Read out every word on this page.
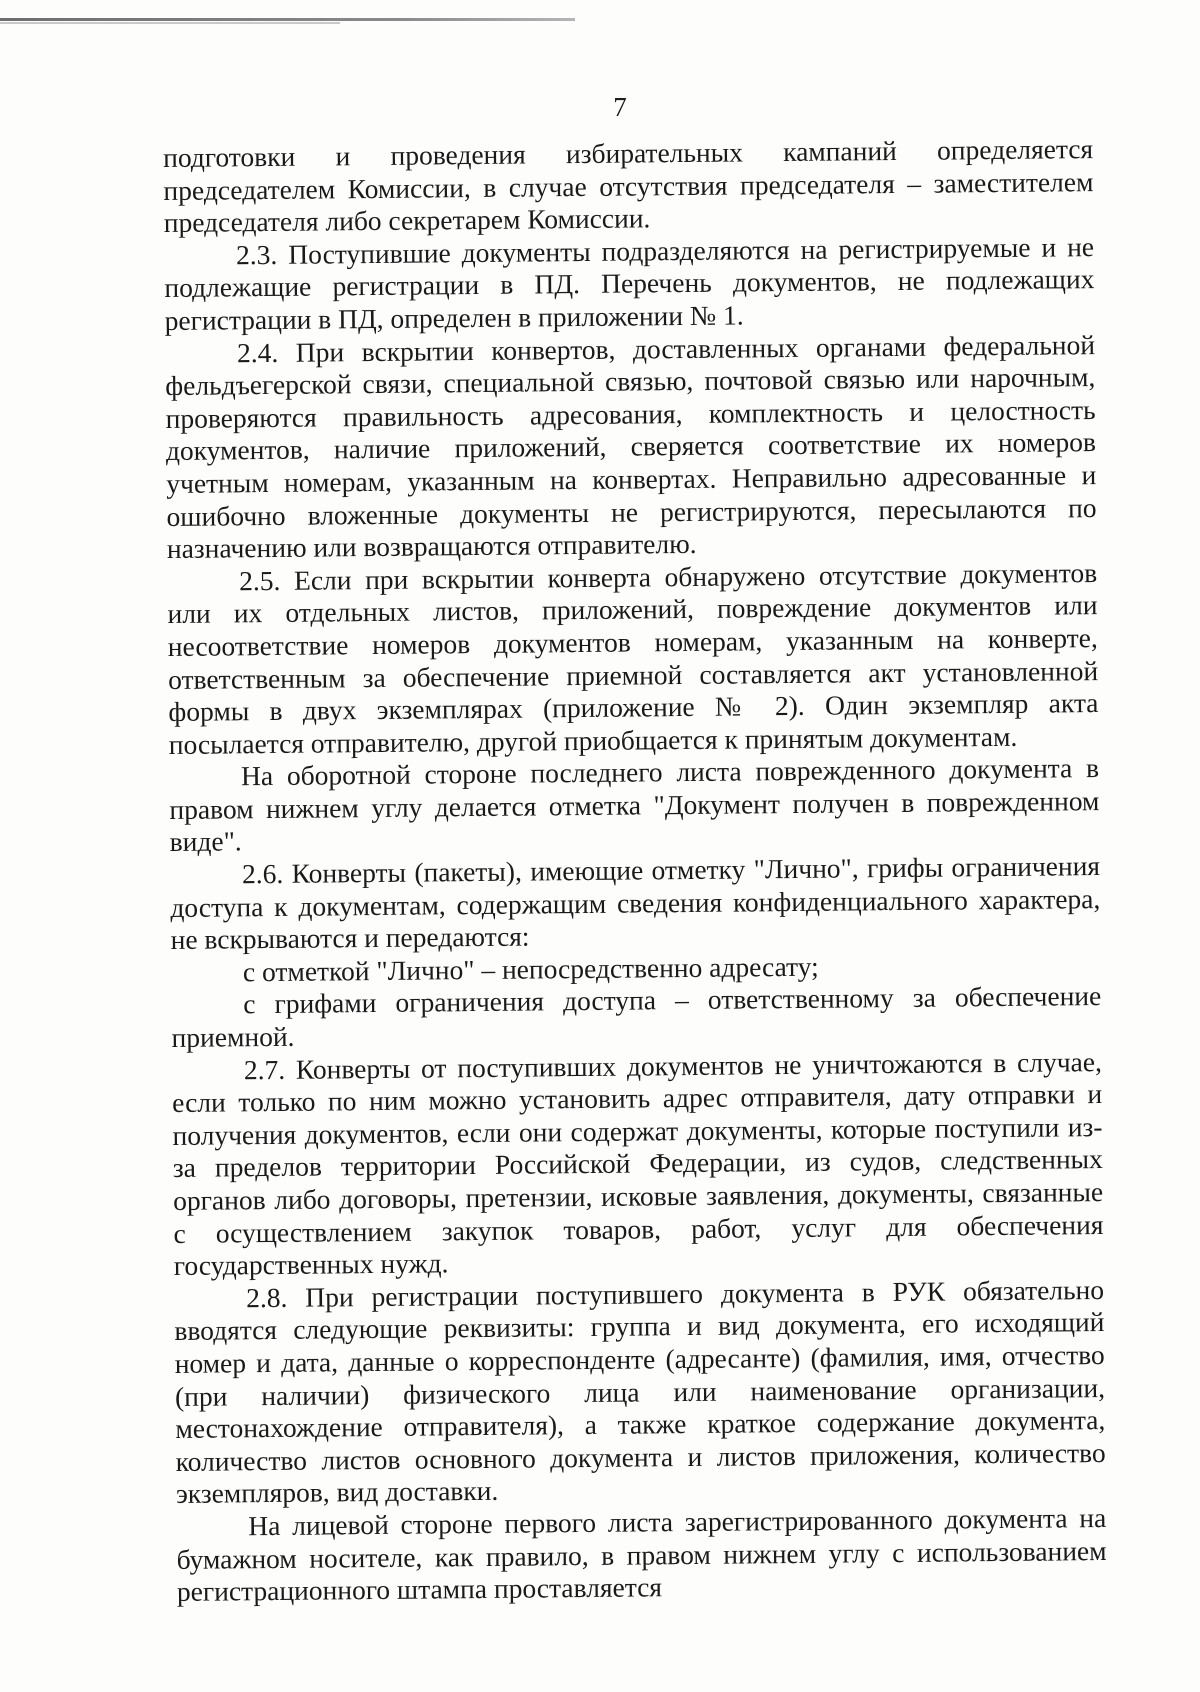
7

подготовки и проведения избирательных кампаний определяется председателем Комиссии, в случае отсутствия председателя – заместителем председателя либо секретарем Комиссии.

2.3. Поступившие документы подразделяются на регистрируемые и не подлежащие регистрации в ПД. Перечень документов, не подлежащих регистрации в ПД, определен в приложении № 1.

2.4. При вскрытии конвертов, доставленных органами федеральной фельдъегерской связи, специальной связью, почтовой связью или нарочным, проверяются правильность адресования, комплектность и целостность документов, наличие приложений, сверяется соответствие их номеров учетным номерам, указанным на конвертах. Неправильно адресованные и ошибочно вложенные документы не регистрируются, пересылаются по назначению или возвращаются отправителю.

2.5. Если при вскрытии конверта обнаружено отсутствие документов или их отдельных листов, приложений, повреждение документов или несоответствие номеров документов номерам, указанным на конверте, ответственным за обеспечение приемной составляется акт установленной формы в двух экземплярах (приложение № 2). Один экземпляр акта посылается отправителю, другой приобщается к принятым документам.

На оборотной стороне последнего листа поврежденного документа в правом нижнем углу делается отметка "Документ получен в поврежденном виде".

2.6. Конверты (пакеты), имеющие отметку "Лично", грифы ограничения доступа к документам, содержащим сведения конфиденциального характера, не вскрываются и передаются:

с отметкой "Лично" – непосредственно адресату;

с грифами ограничения доступа – ответственному за обеспечение приемной.

2.7. Конверты от поступивших документов не уничтожаются в случае, если только по ним можно установить адрес отправителя, дату отправки и получения документов, если они содержат документы, которые поступили из-за пределов территории Российской Федерации, из судов, следственных органов либо договоры, претензии, исковые заявления, документы, связанные с осуществлением закупок товаров, работ, услуг для обеспечения государственных нужд.

2.8. При регистрации поступившего документа в РУК обязательно вводятся следующие реквизиты: группа и вид документа, его исходящий номер и дата, данные о корреспонденте (адресанте) (фамилия, имя, отчество (при наличии) физического лица или наименование организации, местонахождение отправителя), а также краткое содержание документа, количество листов основного документа и листов приложения, количество экземпляров, вид доставки.

На лицевой стороне первого листа зарегистрированного документа на бумажном носителе, как правило, в правом нижнем углу с использованием регистрационного штампа проставляется
